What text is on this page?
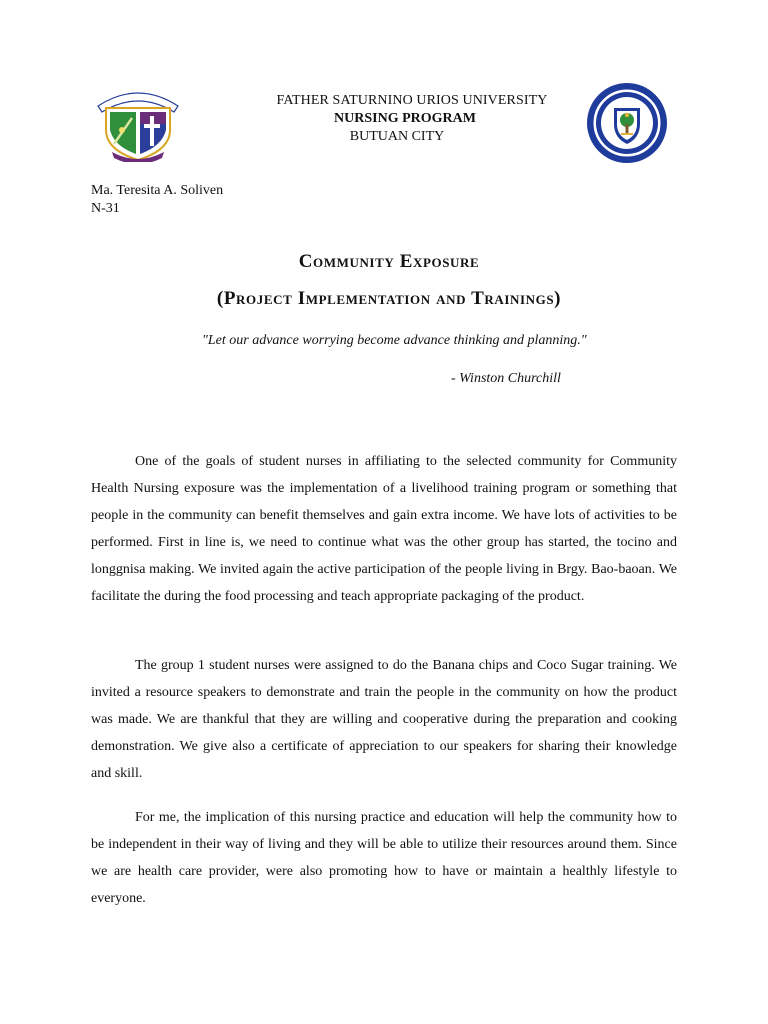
FATHER SATURNINO URIOS UNIVERSITY
NURSING PROGRAM
BUTUAN CITY
Ma. Teresita A. Soliven
N-31
Community Exposure
(Project Implementation and Trainings)
"Let our advance worrying become advance thinking and planning."
- Winston Churchill

One of the goals of student nurses in affiliating to the selected community for Community Health Nursing exposure was the implementation of a livelihood training program or something that people in the community can benefit themselves and gain extra income. We have lots of activities to be performed. First in line is, we need to continue what was the other group has started, the tocino and longgnisa making. We invited again the active participation of the people living in Brgy. Bao-baoan. We facilitate the during the food processing and teach appropriate packaging of the product.

The group 1 student nurses were assigned to do the Banana chips and Coco Sugar training. We invited a resource speakers to demonstrate and train the people in the community on how the product was made. We are thankful that they are willing and cooperative during the preparation and cooking demonstration. We give also a certificate of appreciation to our speakers for sharing their knowledge and skill.

For me, the implication of this nursing practice and education will help the community how to be independent in their way of living and they will be able to utilize their resources around them. Since we are health care provider, were also promoting how to have or maintain a healthly lifestyle to everyone.
